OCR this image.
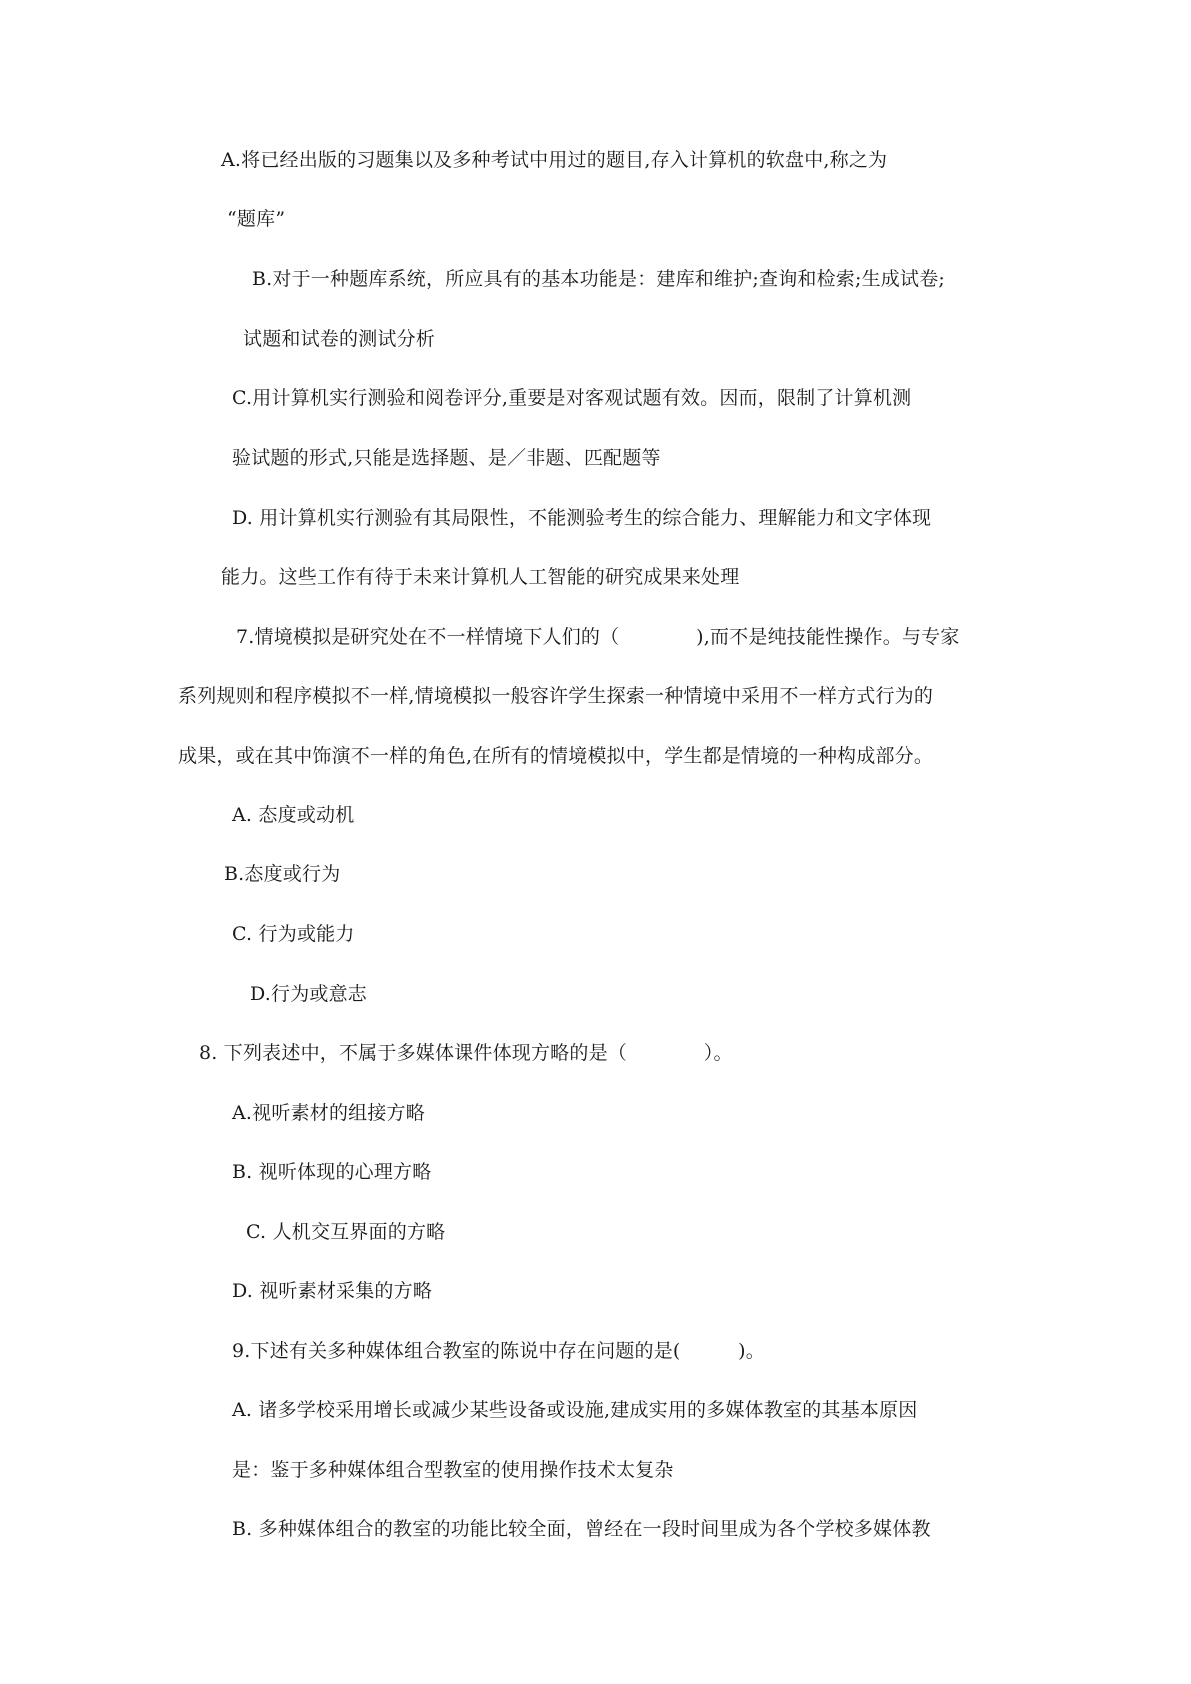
A.将已经出版的习题集以及多种考试中用过的题目,存入计算机的软盘中,称之为
“题库”
B.对于一种题库系统，所应具有的基本功能是：建库和维护;查询和检索;生成试卷;
试题和试卷的测试分析
C.用计算机实行测验和阅卷评分,重要是对客观试题有效。因而，限制了计算机测
验试题的形式,只能是选择题、是／非题、匹配题等
D. 用计算机实行测验有其局限性，不能测验考生的综合能力、理解能力和文字体现
能力。这些工作有待于未来计算机人工智能的研究成果来处理
7.情境模拟是研究处在不一样情境下人们的（　　　　),而不是纯技能性操作。与专家
系列规则和程序模拟不一样,情境模拟一般容许学生探索一种情境中采用不一样方式行为的
成果，或在其中饰演不一样的角色,在所有的情境模拟中，学生都是情境的一种构成部分。
A. 态度或动机
B.态度或行为
C. 行为或能力
D.行为或意志
8. 下列表述中，不属于多媒体课件体现方略的是（　　　　）。
A.视听素材的组接方略
B. 视听体现的心理方略
C. 人机交互界面的方略
D. 视听素材采集的方略
9.下述有关多种媒体组合教室的陈说中存在问题的是(　　　)。
A. 诸多学校采用增长或减少某些设备或设施,建成实用的多媒体教室的其基本原因
是：鉴于多种媒体组合型教室的使用操作技术太复杂
B. 多种媒体组合的教室的功能比较全面，曾经在一段时间里成为各个学校多媒体教
